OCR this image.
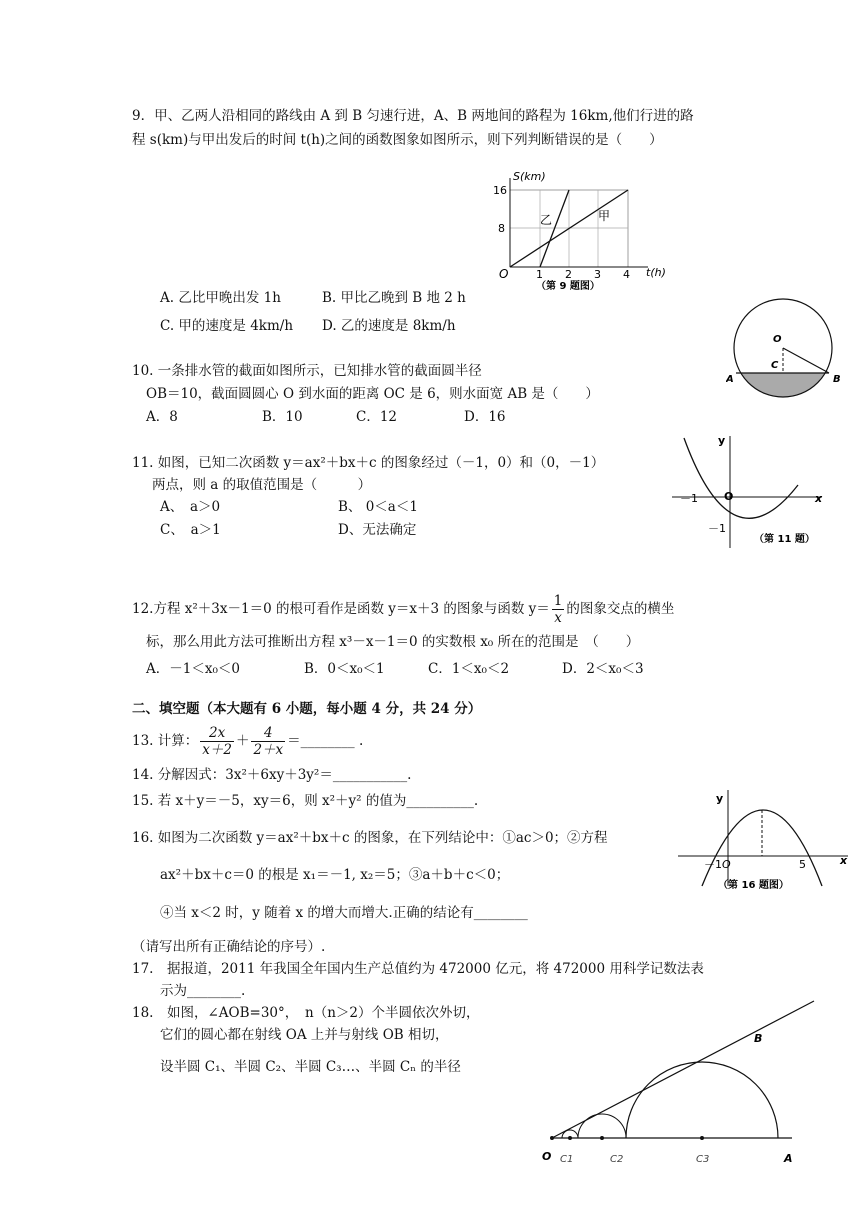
9．甲、乙两人沿相同的路线由 A 到 B 匀速行进，A、B 两地间的路程为 16km,他们行进的路
程 s(km)与甲出发后的时间 t(h)之间的函数图象如图所示，则下列判断错误的是（　　）
S(km)
16
8
O	1 2 3 4 t(h)
乙	甲
（第 9 题图）
A. 乙比甲晚出发 1h	B. 甲比乙晚到 B 地 2 h
C. 甲的速度是 4km/h D. 乙的速度是 8km/h
O
C
A	B
10. 一条排水管的截面如图所示，已知排水管的截面圆半径
OB＝10，截面圆圆心 O 到水面的距离 OC 是 6，则水面宽 AB 是（　　）
A．8	B．10	C．12	D．16
11. 如图，已知二次函数 y＝ax²＋bx＋c 的图象经过（－1，0）和（0，－1）
两点，则 a 的取值范围是（　　　）
A、　a＞0	B、 0＜a＜1
C、　a＞1	D、无法确定
y
x
－1 O
－1
（第 11 题）
12.方程 x²＋3x－1＝0 的根可看作是函数 y＝x＋3 的图象与函数 $y= \frac{1}{x}$ 的图象交点的横坐
标，那么用此方法可推断出方程 x³－x－1＝0 的实数根 x₀ 所在的范围是　（　　）
A．－1＜x₀＜0	B．0＜x₀＜1	C．1＜x₀＜2	D．2＜x₀＜3
二、填空题（本大题有 6 小题，每小题 4 分，共 24 分）
13. 计算： $\frac{2x}{x+2} + \frac{4}{2+x}$ ＝________ .
14. 分解因式：3x²＋6xy＋3y²＝___________.
15. 若 x＋y＝－5，xy＝6，则 x²＋y² 的值为__________.	y
x
－1 O	5
（第 16 题图）
16. 如图为二次函数 y＝ax²＋bx＋c 的图象，在下列结论中：①ac＞0；②方程
ax²＋bx＋c＝0 的根是 x₁＝－1, x₂＝5；③a＋b＋c＜0；
④当 x＜2 时，y 随着 x 的增大而增大.正确的结论有________
（请写出所有正确结论的序号）.
17.　据报道，2011 年我国全年国内生产总值约为 472000 亿元，将 472000 用科学记数法表
示为________.
18.　如图，∠AOB=30°，　n（n＞2）个半圆依次外切，
它们的圆心都在射线 OA 上并与射线 OB 相切，
设半圆 C₁、半圆 C₂、半圆 C₃…、半圆 Cₙ 的半径
O C1	C2	C3	A
B
